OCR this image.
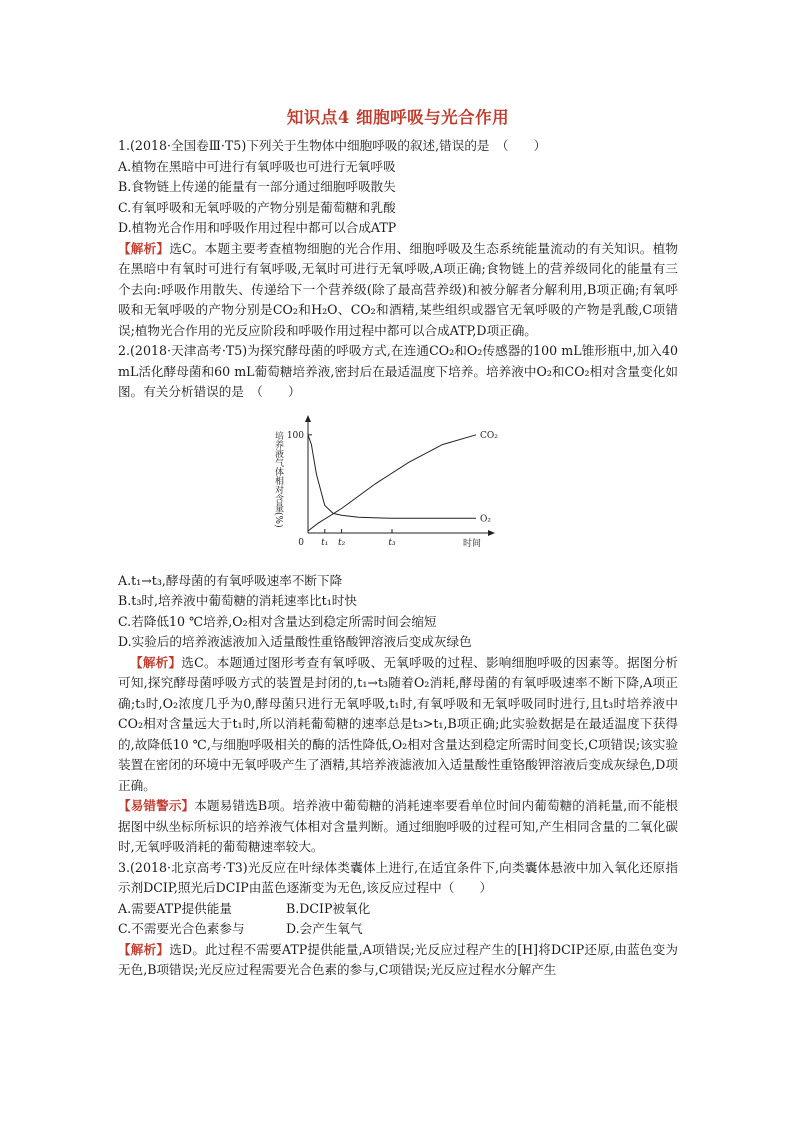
知识点4 细胞呼吸与光合作用

1.(2018·全国卷Ⅲ·T5)下列关于生物体中细胞呼吸的叙述,错误的是　（　　）

A.植物在黑暗中可进行有氧呼吸也可进行无氧呼吸

B.食物链上传递的能量有一部分通过细胞呼吸散失

C.有氧呼吸和无氧呼吸的产物分别是葡萄糖和乳酸

D.植物光合作用和呼吸作用过程中都可以合成ATP

【解析】选C。本题主要考查植物细胞的光合作用、细胞呼吸及生态系统能量流动的有关知识。植物在黑暗中有氧时可进行有氧呼吸,无氧时可进行无氧呼吸,A项正确;食物链上的营养级同化的能量有三个去向:呼吸作用散失、传递给下一个营养级(除了最高营养级)和被分解者分解利用,B项正确;有氧呼吸和无氧呼吸的产物分别是CO₂和H₂O、CO₂和酒精,某些组织或器官无氧呼吸的产物是乳酸,C项错误;植物光合作用的光反应阶段和呼吸作用过程中都可以合成ATP,D项正确。

2.(2018·天津高考·T5)为探究酵母菌的呼吸方式,在连通CO₂和O₂传感器的100 mL锥形瓶中,加入40 mL活化酵母菌和60 mL葡萄糖培养液,密封后在最适温度下培养。培养液中O₂和CO₂相对含量变化如图。有关分析错误的是　（　　）

培养液气体相对含量(%) 100
0 t₁ t₂	t₃	时间
CO₂
O₂

A.t₁→t₃,酵母菌的有氧呼吸速率不断下降

B.t₃时,培养液中葡萄糖的消耗速率比t₁时快

C.若降低10 ℃培养,O₂相对含量达到稳定所需时间会缩短

D.实验后的培养液滤液加入适量酸性重铬酸钾溶液后变成灰绿色

【解析】选C。本题通过图形考查有氧呼吸、无氧呼吸的过程、影响细胞呼吸的因素等。据图分析可知,探究酵母菌呼吸方式的装置是封闭的,t₁→t₃随着O₂消耗,酵母菌的有氧呼吸速率不断下降,A项正确;t₃时,O₂浓度几乎为0,酵母菌只进行无氧呼吸,t₁时,有氧呼吸和无氧呼吸同时进行,且t₃时培养液中CO₂相对含量远大于t₁时,所以消耗葡萄糖的速率总是t₃>t₁,B项正确;此实验数据是在最适温度下获得的,故降低10 ℃,与细胞呼吸相关的酶的活性降低,O₂相对含量达到稳定所需时间变长,C项错误;该实验装置在密闭的环境中无氧呼吸产生了酒精,其培养液滤液加入适量酸性重铬酸钾溶液后变成灰绿色,D项正确。

【易错警示】本题易错选B项。培养液中葡萄糖的消耗速率要看单位时间内葡萄糖的消耗量,而不能根据图中纵坐标所标识的培养液气体相对含量判断。通过细胞呼吸的过程可知,产生相同含量的二氧化碳时,无氧呼吸消耗的葡萄糖速率较大。

3.(2018·北京高考·T3)光反应在叶绿体类囊体上进行,在适宜条件下,向类囊体悬液中加入氧化还原指示剂DCIP,照光后DCIP由蓝色逐渐变为无色,该反应过程中（　　）

A.需要ATP提供能量	B.DCIP被氧化
C.不需要光合色素参与	D.会产生氧气

【解析】选D。此过程不需要ATP提供能量,A项错误;光反应过程产生的[H]将DCIP还原,由蓝色变为无色,B项错误;光反应过程需要光合色素的参与,C项错误;光反应过程水分解产生
